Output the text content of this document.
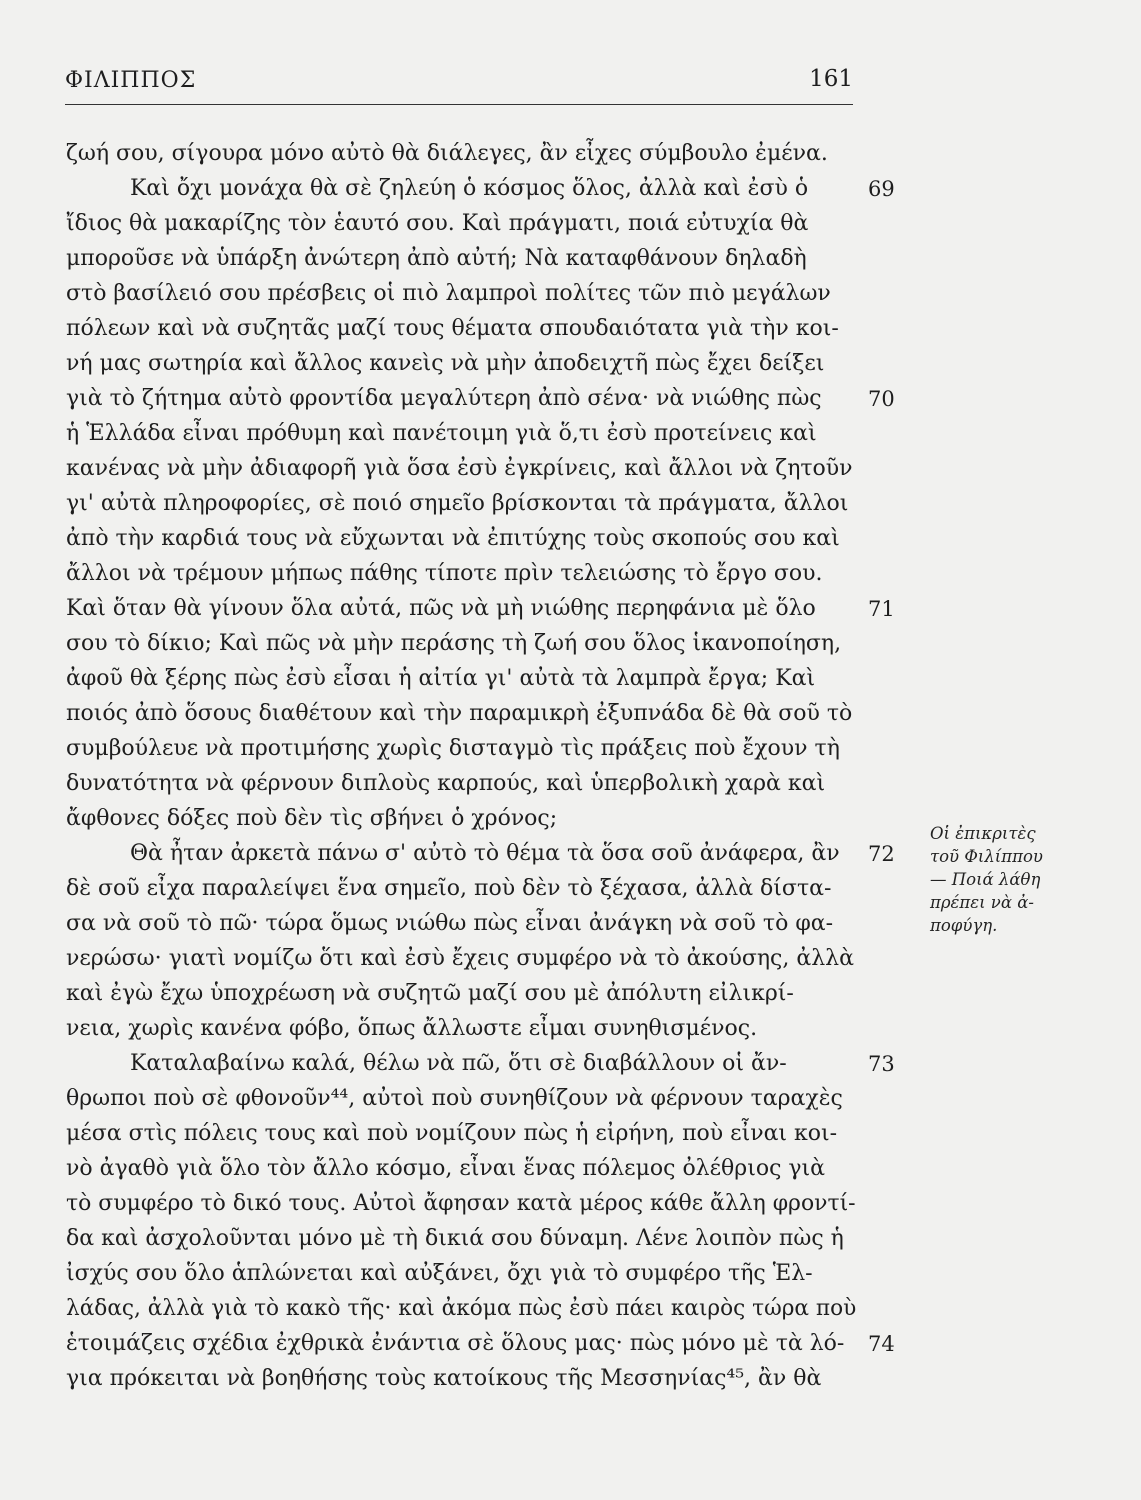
ΦΙΛΙΠΠΟΣ	161
ζωή σου, σίγουρα μόνο αὐτὸ θὰ διάλεγες, ἂν εἶχες σύμβουλο ἐμένα.
Καὶ ὄχι μονάχα θὰ σὲ ζηλεύη ὁ κόσμος ὅλος, ἀλλὰ καὶ ἐσὺ ὁ
ἴδιος θὰ μακαρίζης τὸν ἑαυτό σου. Καὶ πράγματι, ποιά εὐτυχία θὰ
μποροῦσε νὰ ὑπάρξη ἀνώτερη ἀπὸ αὐτή; Νὰ καταφθάνουν δηλαδὴ
στὸ βασίλειό σου πρέσβεις οἱ πιὸ λαμπροὶ πολίτες τῶν πιὸ μεγάλων
πόλεων καὶ νὰ συζητᾶς μαζί τους θέματα σπουδαιότατα γιὰ τὴν κοι-
νή μας σωτηρία καὶ ἄλλος κανεὶς νὰ μὴν ἀποδειχτῆ πὼς ἔχει δείξει
γιὰ τὸ ζήτημα αὐτὸ φροντίδα μεγαλύτερη ἀπὸ σένα· νὰ νιώθης πὼς
ἡ Ἑλλάδα εἶναι πρόθυμη καὶ πανέτοιμη γιὰ ὅ,τι ἐσὺ προτείνεις καὶ
κανένας νὰ μὴν ἀδιαφορῆ γιὰ ὅσα ἐσὺ ἐγκρίνεις, καὶ ἄλλοι νὰ ζητοῦν
γι' αὐτὰ πληροφορίες, σὲ ποιό σημεῖο βρίσκονται τὰ πράγματα, ἄλλοι
ἀπὸ τὴν καρδιά τους νὰ εὔχωνται νὰ ἐπιτύχης τοὺς σκοπούς σου καὶ
ἄλλοι νὰ τρέμουν μήπως πάθης τίποτε πρὶν τελειώσης τὸ ἔργο σου.
Καὶ ὅταν θὰ γίνουν ὅλα αὐτά, πῶς νὰ μὴ νιώθης περηφάνια μὲ ὅλο
σου τὸ δίκιο; Καὶ πῶς νὰ μὴν περάσης τὴ ζωή σου ὅλος ἱκανοποίηση,
ἀφοῦ θὰ ξέρης πὼς ἐσὺ εἶσαι ἡ αἰτία γι' αὐτὰ τὰ λαμπρὰ ἔργα; Καὶ
ποιός ἀπὸ ὅσους διαθέτουν καὶ τὴν παραμικρὴ ἐξυπνάδα δὲ θὰ σοῦ τὸ
συμβούλευε νὰ προτιμήσης χωρὶς δισταγμὸ τὶς πράξεις ποὺ ἔχουν τὴ
δυνατότητα νὰ φέρνουν διπλοὺς καρπούς, καὶ ὑπερβολικὴ χαρὰ καὶ
ἄφθονες δόξες ποὺ δὲν τὶς σβήνει ὁ χρόνος;
Θὰ ἦταν ἀρκετὰ πάνω σ' αὐτὸ τὸ θέμα τὰ ὅσα σοῦ ἀνάφερα, ἂν
δὲ σοῦ εἶχα παραλείψει ἕνα σημεῖο, ποὺ δὲν τὸ ξέχασα, ἀλλὰ δίστα-
σα νὰ σοῦ τὸ πῶ· τώρα ὅμως νιώθω πὼς εἶναι ἀνάγκη νὰ σοῦ τὸ φα-
νερώσω· γιατὶ νομίζω ὅτι καὶ ἐσὺ ἔχεις συμφέρο νὰ τὸ ἀκούσης, ἀλλὰ
καὶ ἐγὼ ἔχω ὑποχρέωση νὰ συζητῶ μαζί σου μὲ ἀπόλυτη εἰλικρί-
νεια, χωρὶς κανένα φόβο, ὅπως ἄλλωστε εἶμαι συνηθισμένος.
Καταλαβαίνω καλά, θέλω νὰ πῶ, ὅτι σὲ διαβάλλουν οἱ ἄν-
θρωποι ποὺ σὲ φθονοῦν⁴⁴, αὐτοὶ ποὺ συνηθίζουν νὰ φέρνουν ταραχὲς
μέσα στὶς πόλεις τους καὶ ποὺ νομίζουν πὼς ἡ εἰρήνη, ποὺ εἶναι κοι-
νὸ ἀγαθὸ γιὰ ὅλο τὸν ἄλλο κόσμο, εἶναι ἕνας πόλεμος ὀλέθριος γιὰ
τὸ συμφέρο τὸ δικό τους. Αὐτοὶ ἄφησαν κατὰ μέρος κάθε ἄλλη φροντί-
δα καὶ ἀσχολοῦνται μόνο μὲ τὴ δικιά σου δύναμη. Λένε λοιπὸν πὼς ἡ
ἰσχύς σου ὅλο ἁπλώνεται καὶ αὐξάνει, ὄχι γιὰ τὸ συμφέρο τῆς Ἑλ-
λάδας, ἀλλὰ γιὰ τὸ κακὸ τῆς· καὶ ἀκόμα πὼς ἐσὺ πάει καιρὸς τώρα ποὺ
ἑτοιμάζεις σχέδια ἐχθρικὰ ἐνάντια σὲ ὅλους μας· πὼς μόνο μὲ τὰ λό-
για πρόκειται νὰ βοηθήσης τοὺς κατοίκους τῆς Μεσσηνίας⁴⁵, ἂν θὰ
69
70
71
72
73
74
Οἱ ἐπικριτὲς
τοῦ Φιλίππου
— Ποιά λάθη
πρέπει νὰ ἀ-
ποφύγη.
